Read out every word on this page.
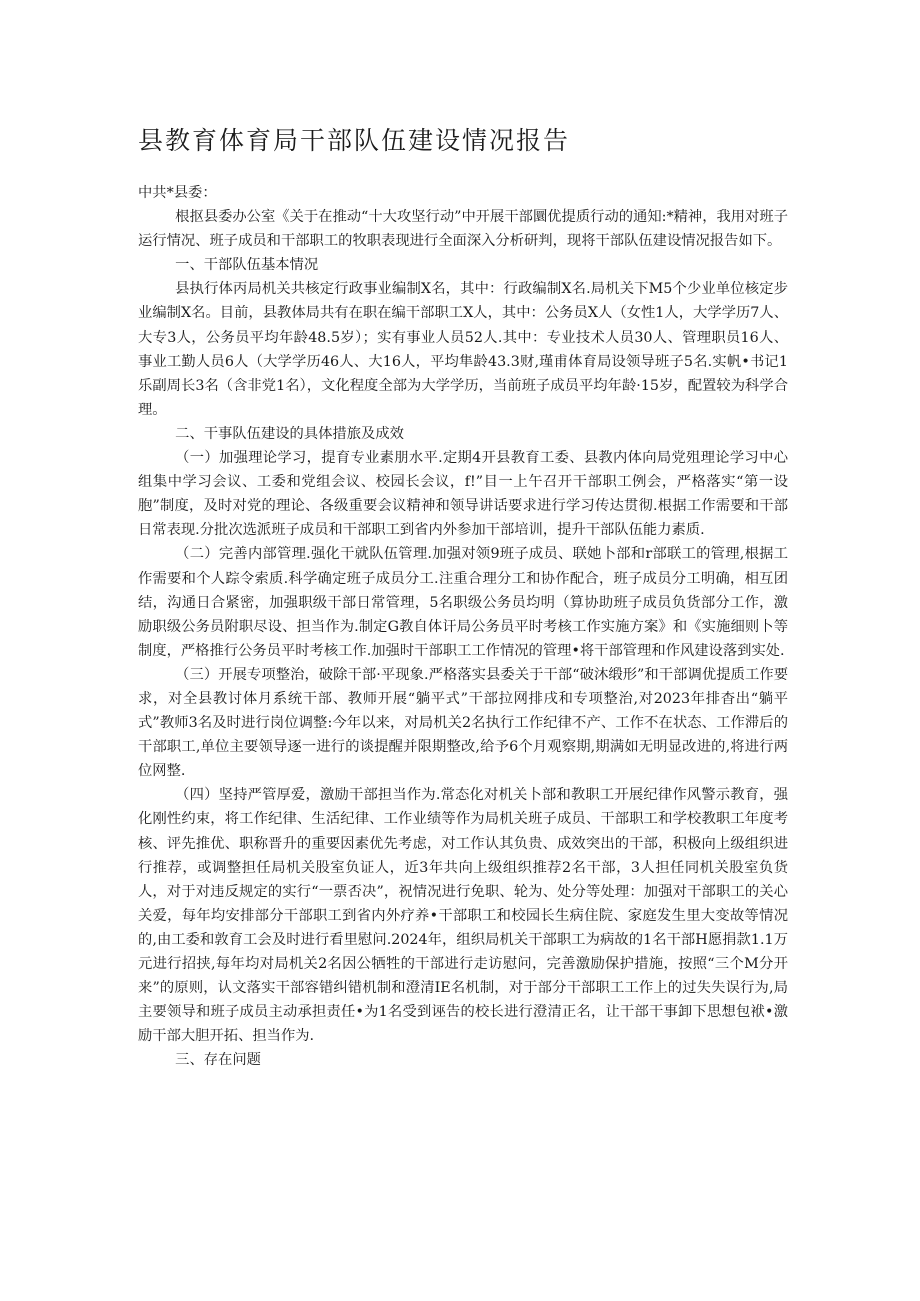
县教育体育局干部队伍建设情况报告

中共*县委：

根抠县委办公室《关于在推动“十大攻坚行动”中开展干部圜优提质行动的通知:*精神，我用对班子运行情况、班子成员和干部职工的牧职表现进行全面深入分析研判，现将干部队伍建设情况报告如下。

一、干部队伍基本情况

县执行体丙局机关共核定行政事业编制X名，其中：行政编制X名.局机关下M5个少业单位核定步业编制X名。目前，县教体局共有在职在编干部职工X人，其中：公务员X人（女性1人，大学学历7人、大专3人，公务员平均年龄48.5岁）；实有事业人员52人.其中：专业技术人员30人、管理职员16人、事业工勤人员6人（大学学历46人、大16人，平均隼龄43.3财,瑾甫体育局设领导班子5名.实帆•书记1乐副周长3名（含非党1名），文化程度全部为大学学历，当前班子成员平均年龄·15岁，配置较为科学合理。

二、干事队伍建设的具体措旅及成效

（一）加强理论学习，提育专业素朋水平.定期4开县教育工委、县教内体向局党殂理论学习中心组集中学习会议、工委和党组会议、校园长会议，f!”目一上午召开干部职工例会，严格落实“第一设胞”制度，及时对党的理论、各级重要会议精神和领导讲话要求进行学习传达贯彻.根据工作需要和干部日常表现.分批次选派班子成员和干部职工到省内外参加干部培训，提升干部队伍能力素质.

（二）完善内部管理.强化干就队伍管理.加强对领9班子成员、联她卜部和r部联工的管理,根据工作需要和个人踪令索质.科学确定班子成员分工.注重合理分工和协作配合，班子成员分工明确，相互团结，沟通日合紧密，加强职级干部日常管理，5名职级公务员均明（算协助班子成员负货部分工作，激励职级公务员附职尽设、担当作为.制定G教自体讦局公务员平时考核工作实施方案》和《实施细则卜等制度，严格推行公务员平时考核工作.加强时干部职工工作情况的管理•将干部管理和作风建设落到实处.

（三）开展专项整治，破除干部·平现象.严格落实县委关于干部“破沐缎形”和干部调优提质工作要求，对全县教讨体月系统干部、教师开展“躺平式”干部拉网排戌和专项整治,对2023年排杳出“躺平式”教师3名及时进行岗位调整:今年以来，对局机关2名执行工作纪律不产、工作不在状态、工作滞后的干部职工,单位主要领导逐一进行的谈提醒并限期整改,给予6个月观察期,期满如无明显改进的,将进行两位网整.

（四）坚持严管厚爱，激励干部担当作为.常态化对机关卜部和教职工开展纪律作风警示教育，强化刚性约束，将工作纪律、生活纪律、工作业绩等作为局机关班子成员、干部职工和学校教职工年度考核、评先推优、职称晋升的重要因素优先考虑，对工作认其负贵、成效突出的干部，积极向上级组织进行推荐，或调整担任局机关股室负证人，近3年共向上级组织推荐2名干部，3人担任同机关股室负货人，对于对违反规定的实行“一票否决”，祝情况进行免职、轮为、处分等处理：加强对干部职工的关心关爱，每年均安排部分干部职工到省内外疗养•干部职工和校园长生病住院、家庭发生里大变故等情况的,由工委和敦育工会及时进行看里慰问.2024年，组织局机关干部职工为病故的1名干部H愿捐款1.1万元进行招挟,每年均对局机关2名因公牺牲的干部进行走访慰问，完善激励保护措施，按照“三个M分开来”的原则，认文落实干部容错纠错机制和澄清IE名机制，对于部分干部职工工作上的过失失误行为,局主要领导和班子成员主动承担责任•为1名受到诬告的校长进行澄清正名，让干部干事卸下思想包袱•激励干部大胆开拓、担当作为.

三、存在问题
